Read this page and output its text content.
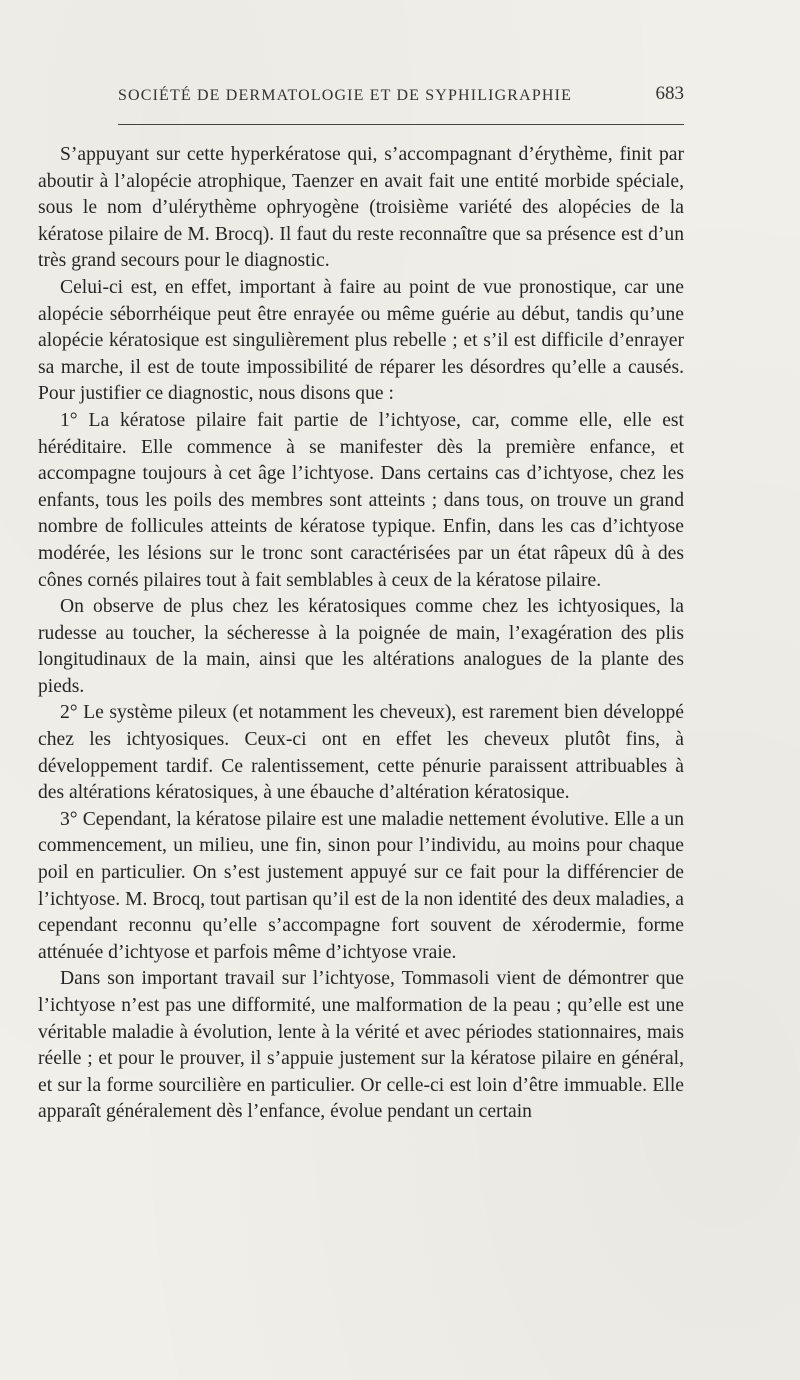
SOCIÉTÉ DE DERMATOLOGIE ET DE SYPHILIGRAPHIE	683

S’appuyant sur cette hyperkératose qui, s’accompagnant d’érythème, finit par aboutir à l’alopécie atrophique, Taenzer en avait fait une entité morbide spéciale, sous le nom d’ulérythème ophryogène (troisième variété des alopécies de la kératose pilaire de M. Brocq). Il faut du reste reconnaître que sa présence est d’un très grand secours pour le diagnostic.

Celui-ci est, en effet, important à faire au point de vue pronostique, car une alopécie séborrhéique peut être enrayée ou même guérie au début, tandis qu’une alopécie kératosique est singulièrement plus rebelle ; et s’il est difficile d’enrayer sa marche, il est de toute impossibilité de réparer les désordres qu’elle a causés. Pour justifier ce diagnostic, nous disons que :

1° La kératose pilaire fait partie de l’ichtyose, car, comme elle, elle est héréditaire. Elle commence à se manifester dès la première enfance, et accompagne toujours à cet âge l’ichtyose. Dans certains cas d’ichtyose, chez les enfants, tous les poils des membres sont atteints ; dans tous, on trouve un grand nombre de follicules atteints de kératose typique. Enfin, dans les cas d’ichtyose modérée, les lésions sur le tronc sont caractérisées par un état râpeux dû à des cônes cornés pilaires tout à fait semblables à ceux de la kératose pilaire.

On observe de plus chez les kératosiques comme chez les ichtyosiques, la rudesse au toucher, la sécheresse à la poignée de main, l’exagération des plis longitudinaux de la main, ainsi que les altérations analogues de la plante des pieds.

2° Le système pileux (et notamment les cheveux), est rarement bien développé chez les ichtyosiques. Ceux-ci ont en effet les cheveux plutôt fins, à développement tardif. Ce ralentissement, cette pénurie paraissent attribuables à des altérations kératosiques, à une ébauche d’altération kératosique.

3° Cependant, la kératose pilaire est une maladie nettement évolutive. Elle a un commencement, un milieu, une fin, sinon pour l’individu, au moins pour chaque poil en particulier. On s’est justement appuyé sur ce fait pour la différencier de l’ichtyose. M. Brocq, tout partisan qu’il est de la non identité des deux maladies, a cependant reconnu qu’elle s’accompagne fort souvent de xérodermie, forme atténuée d’ichtyose et parfois même d’ichtyose vraie.

Dans son important travail sur l’ichtyose, Tommasoli vient de démontrer que l’ichtyose n’est pas une difformité, une malformation de la peau ; qu’elle est une véritable maladie à évolution, lente à la vérité et avec périodes stationnaires, mais réelle ; et pour le prouver, il s’appuie justement sur la kératose pilaire en général, et sur la forme sourcilière en particulier. Or celle-ci est loin d’être immuable. Elle apparaît généralement dès l’enfance, évolue pendant un certain
